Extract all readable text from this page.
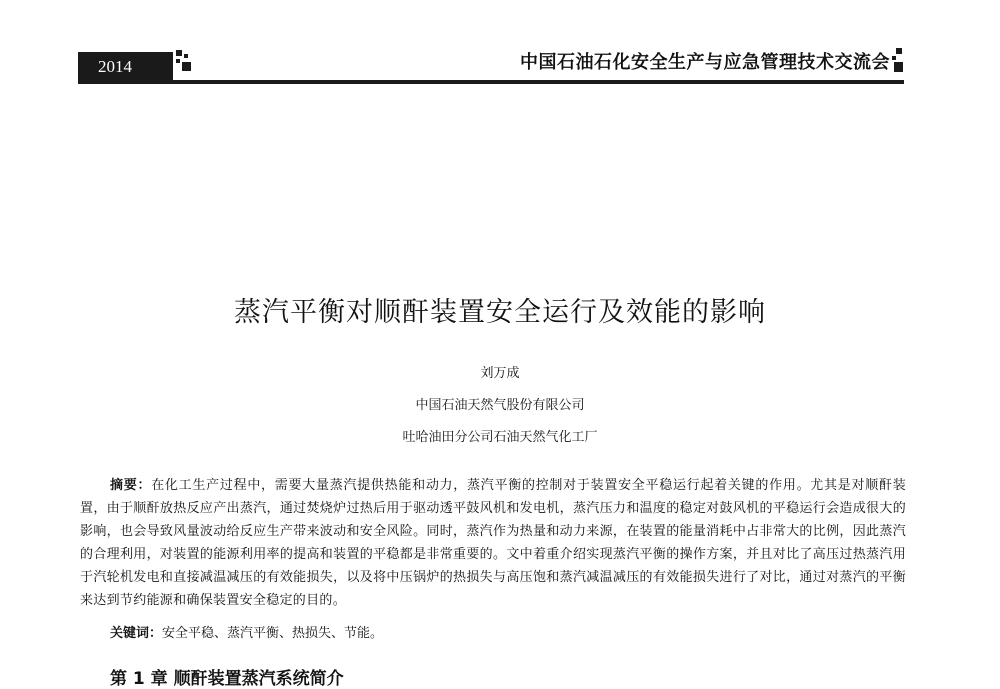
2014	中国石油石化安全生产与应急管理技术交流会
蒸汽平衡对顺酐装置安全运行及效能的影响
刘万成
中国石油天然气股份有限公司
吐哈油田分公司石油天然气化工厂
摘要：在化工生产过程中，需要大量蒸汽提供热能和动力，蒸汽平衡的控制对于装置安全平稳运行起着关键的作用。尤其是对顺酐装置，由于顺酐放热反应产出蒸汽，通过焚烧炉过热后用于驱动透平鼓风机和发电机，蒸汽压力和温度的稳定对鼓风机的平稳运行会造成很大的影响，也会导致风量波动给反应生产带来波动和安全风险。同时，蒸汽作为热量和动力来源，在装置的能量消耗中占非常大的比例，因此蒸汽的合理利用，对装置的能源利用率的提高和装置的平稳都是非常重要的。文中着重介绍实现蒸汽平衡的操作方案，并且对比了高压过热蒸汽用于汽轮机发电和直接减温减压的有效能损失，以及将中压锅炉的热损失与高压饱和蒸汽减温减压的有效能损失进行了对比，通过对蒸汽的平衡来达到节约能源和确保装置安全稳定的目的。
关键词：安全平稳、蒸汽平衡、热损失、节能。
第 1 章 顺酐装置蒸汽系统简介
